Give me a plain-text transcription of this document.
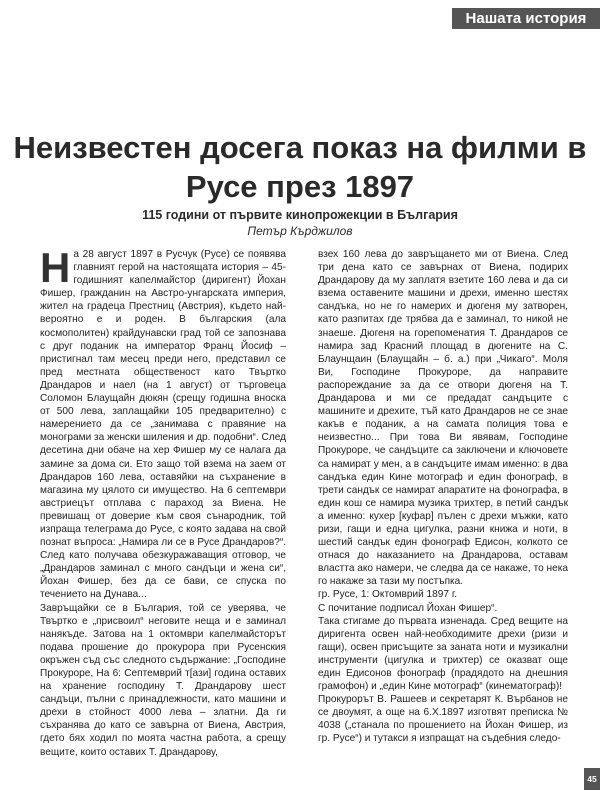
Нашата история
Неизвестен досега показ на филми в Русе през 1897
115 години от първите кинопрожекции в България
Петър Кърджилов
Н а 28 август 1897 в Русчук (Русе) се появява главният герой на настоящата история – 45-годишният капелмайстор (диригент) Йохан Фишер, гражданин на Австро-унгарската империя, жител на градеца Престниц (Австрия), където най-вероятно е и роден. В българския (ала космополитен) крайдунавски град той се запознава с друг поданик на император Франц Йосиф – пристигнал там месец преди него, представил се пред местната общественост като Твъртко Драндаров и наел (на 1 август) от търговеца Соломон Блаущайн дюкян (срещу годишна вноска от 500 лева, заплащайки 105 предварително) с намерението да се „занимава с правяние на монограми за женски шиления и др. подобни“. След десетина дни обаче на хер Фишер му се налага да замине за дома си. Ето защо той взема на заем от Драндаров 160 лева, оставяйки на съхранение в магазина му цялото си имущество. На 6 септември австриецът отплава с параход за Виена. Не превишащ от доверие към своя сънародник, той изпраща телеграма до Русе, с която задава на свой познат въпроса: „Намира ли се в Русе Драндаров?“. След като получава обезкуражаващия отговор, че „Драндаров заминал с много сандъци и жена си“, Йохан Фишер, без да се бави, се спуска по течението на Дунава...

Завръщайки се в България, той се уверява, че Твъртко е „присвоил“ неговите неща и е заминал нанякъде. Затова на 1 октомври капелмайсторът подава прошение до прокурора при Русенския окръжен съд със следното съдържание: „Господине Прокуроре, На 6: Септемврий т[ази] година оставих на хранение господину Т. Драндарову шест сандъци, пълни с принадлежности, като машини и дрехи в стойност 4000 лева – златни. Да ги съхранява до като се завърна от Виена, Австрия, гдето бях ходил по моята частна работа, а срещу вещите, които оставих Т. Драндарову,

взех 160 лева до завръщането ми от Виена. След три дена като се завърнах от Виена, подирих Драндарову да му заплатя взетите 160 лева и да си взема оставените машини и дрехи, именно шестях сандъка, но не го намерих и дюгеня му затворен, като разпитах где трябва да е заминал, то никой не знаеше. Дюгеня на горепоменатия Т. Драндаров се намира зад Красний площад в дюгените на С. Блаунщаин (Блаущайн – б. а.) при „Чикаго“. Моля Ви, Господине Прокуроре, да направите распореждание за да се отвори дюгеня на Т. Драндарова и ми се предадат сандъците с машините и дрехите, тъй като Драндаров не се знае какъв е поданик, а на самата полиция това е неизвестно... При това Ви явявам, Господине Прокуроре, че сандъците са заключени и ключовете са намират у мен, а в сандъците имам именно: в два сандъка един Кине мотограф и един фонограф, в трети сандък се намират апаратите на фонографа, в един кош се намира музика трихтер, в петий сандък а именно: кухер [куфар] пълен с дрехи мъжки, като ризи, гащи и една цигулка, разни книжа и ноти, в шестий сандък един фонограф Едисон, колкото се отнася до наказанието на Драндарова, оставам властта ако намери, че следва да се накаже, то нека го накаже за тази му постъпка.

гр. Русе, 1: Октомврий 1897 г.

С почитание подписал Йохан Фишер“.

Така стигаме до първата изненада. Сред вещите на диригента освен най-необходимите дрехи (ризи и гащи), освен присъщите за заната ноти и музикални инструменти (цигулка и трихтер) се оказват още един Едисонов фонограф (прадядото на днешния грамофон) и „един Кине мотограф“ (кинематограф)!

Прокурорът В. Рашеев и секретарят К. Върбанов не се двоумят, а още на 6.Х.1897 изготвят преписка № 4038 („станала по прошението на Йохан Фишер, из гр. Русе“) и тутакси я изпращат на съдебния следо-

45
